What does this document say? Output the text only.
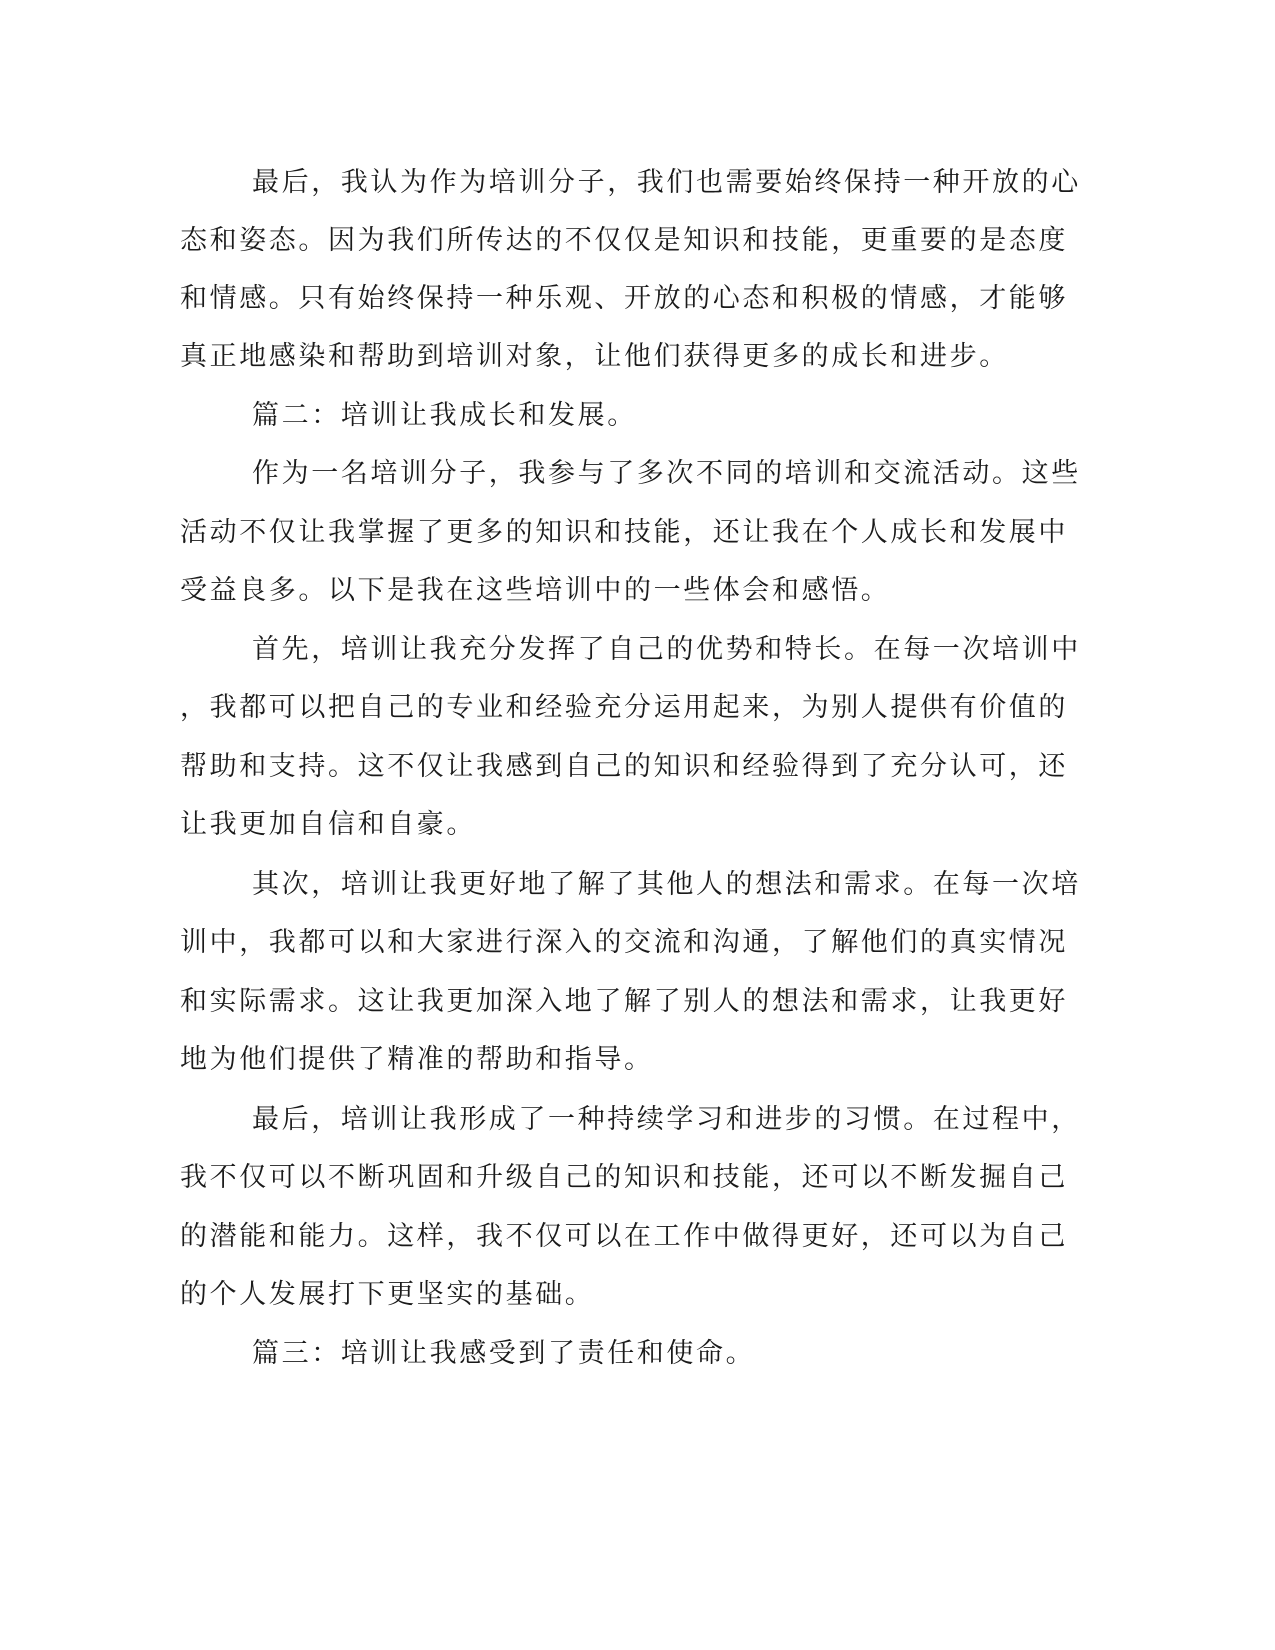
最后，我认为作为培训分子，我们也需要始终保持一种开放的心
态和姿态。因为我们所传达的不仅仅是知识和技能，更重要的是态度
和情感。只有始终保持一种乐观、开放的心态和积极的情感，才能够
真正地感染和帮助到培训对象，让他们获得更多的成长和进步。
篇二：培训让我成长和发展。
作为一名培训分子，我参与了多次不同的培训和交流活动。这些
活动不仅让我掌握了更多的知识和技能，还让我在个人成长和发展中
受益良多。以下是我在这些培训中的一些体会和感悟。
首先，培训让我充分发挥了自己的优势和特长。在每一次培训中
，我都可以把自己的专业和经验充分运用起来，为别人提供有价值的
帮助和支持。这不仅让我感到自己的知识和经验得到了充分认可，还
让我更加自信和自豪。
其次，培训让我更好地了解了其他人的想法和需求。在每一次培
训中，我都可以和大家进行深入的交流和沟通，了解他们的真实情况
和实际需求。这让我更加深入地了解了别人的想法和需求，让我更好
地为他们提供了精准的帮助和指导。
最后，培训让我形成了一种持续学习和进步的习惯。在过程中，
我不仅可以不断巩固和升级自己的知识和技能，还可以不断发掘自己
的潜能和能力。这样，我不仅可以在工作中做得更好，还可以为自己
的个人发展打下更坚实的基础。
篇三：培训让我感受到了责任和使命。
